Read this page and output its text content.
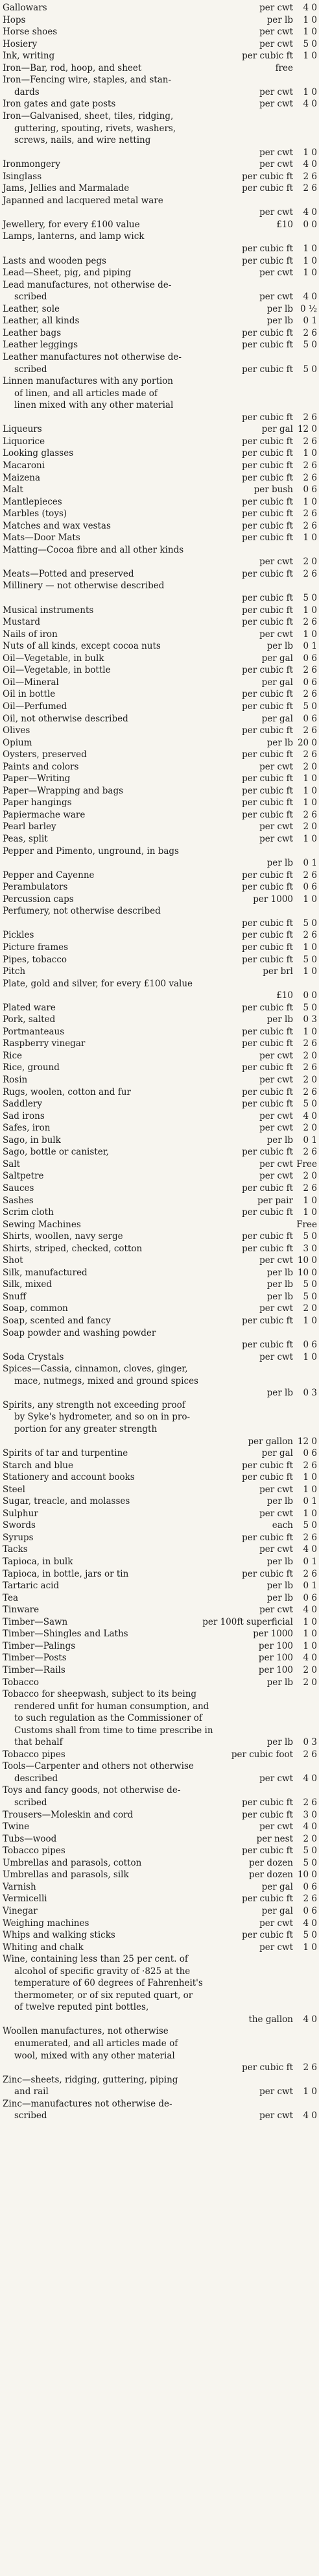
Gallowars	per cwt 4 0
Hops	per lb 1 0
Horse shoes	per cwt 1 0
Hosiery	per cwt 5 0
Ink, writing	per cubic ft 1 0
Iron—Bar, rod, hoop, and sheet	free
Iron—Fencing wire, staples, and stan-
dards	per cwt 1 0
Iron gates and gate posts	per cwt 4 0
Iron—Galvanised, sheet, tiles, ridging,
guttering, spouting, rivets, washers,
screws, nails, and wire netting
per cwt 1 0
Ironmongery	per cwt 4 0
Isinglass	per cubic ft 2 6
Jams, Jellies and Marmalade	per cubic ft 2 6
Japanned and lacquered metal ware
per cwt 4 0
Jewellery, for every £100 value	£10 0 0
Lamps, lanterns, and lamp wick
per cubic ft 1 0
Lasts and wooden pegs	per cubic ft 1 0
Lead—Sheet, pig, and piping	per cwt 1 0
Lead manufactures, not otherwise de-
scribed	per cwt 4 0
Leather, sole	per lb 0 ½
Leather, all kinds	per lb 0 1
Leather bags	per cubic ft 2 6
Leather leggings	per cubic ft 5 0
Leather manufactures not otherwise de-
scribed	per cubic ft 5 0
Linnen manufactures with any portion
of linen, and all articles made of
linen mixed with any other material
per cubic ft 2 6
Liqueurs	per gal 12 0
Liquorice	per cubic ft 2 6
Looking glasses	per cubic ft 1 0
Macaroni	per cubic ft 2 6
Maizena	per cubic ft 2 6
Malt	per bush 0 6
Mantlepieces	per cubic ft 1 0
Marbles (toys)	per cubic ft 2 6
Matches and wax vestas	per cubic ft 2 6
Mats—Door Mats	per cubic ft 1 0
Matting—Cocoa fibre and all other kinds
per cwt 2 0
Meats—Potted and preserved	per cubic ft 2 6
Millinery — not otherwise described
per cubic ft 5 0
Musical instruments	per cubic ft 1 0
Mustard	per cubic ft 2 6
Nails of iron	per cwt 1 0
Nuts of all kinds, except cocoa nuts	per lb 0 1
Oil—Vegetable, in bulk	per gal 0 6
Oil—Vegetable, in bottle	per cubic ft 2 6
Oil—Mineral	per gal 0 6
Oil in bottle	per cubic ft 2 6
Oil—Perfumed	per cubic ft 5 0
Oil, not otherwise described	per gal 0 6
Olives	per cubic ft 2 6
Opium	per lb 20 0
Oysters, preserved	per cubic ft 2 6
Paints and colors	per cwt 2 0
Paper—Writing	per cubic ft 1 0
Paper—Wrapping and bags	per cubic ft 1 0
Paper hangings	per cubic ft 1 0
Papiermache ware	per cubic ft 2 6
Pearl barley	per cwt 2 0
Peas, split	per cwt 1 0
Pepper and Pimento, unground, in bags
per lb 0 1
Pepper and Cayenne	per cubic ft 2 6
Perambulators	per cubic ft 0 6
Percussion caps	per 1000 1 0
Perfumery, not otherwise described
per cubic ft 5 0
Pickles	per cubic ft 2 6
Picture frames	per cubic ft 1 0
Pipes, tobacco	per cubic ft 5 0
Pitch	per brl 1 0
Plate, gold and silver, for every £100 value
£10 0 0
Plated ware	per cubic ft 5 0
Pork, salted	per lb 0 3
Portmanteaus	per cubic ft 1 0
Raspberry vinegar	per cubic ft 2 6
Rice	per cwt 2 0
Rice, ground	per cubic ft 2 6
Rosin	per cwt 2 0
Rugs, woolen, cotton and fur	per cubic ft 2 6
Saddlery	per cubic ft 5 0
Sad irons	per cwt 4 0
Safes, iron	per cwt 2 0
Sago, in bulk	per lb 0 1
Sago, bottle or canister,	per cubic ft 2 6
Salt	per cwt Free
Saltpetre	per cwt 2 0
Sauces	per cubic ft 2 6
Sashes	per pair 1 0
Scrim cloth	per cubic ft 1 0
Sewing Machines	Free
Shirts, woollen, navy serge	per cubic ft 5 0
Shirts, striped, checked, cotton	per cubic ft 3 0
Shot	per cwt 10 0
Silk, manufactured	per lb 10 0
Silk, mixed	per lb 5 0
Snuff	per lb 5 0
Soap, common	per cwt 2 0
Soap, scented and fancy	per cubic ft 1 0
Soap powder and washing powder
per cubic ft 0 6
Soda Crystals	per cwt 1 0
Spices—Cassia, cinnamon, cloves, ginger,
mace, nutmegs, mixed and ground spices
per lb 0 3
Spirits, any strength not exceeding proof
by Syke's hydrometer, and so on in pro-
portion for any greater strength
per gallon 12 0
Spirits of tar and turpentine	per gal 0 6
Starch and blue	per cubic ft 2 6
Stationery and account books	per cubic ft 1 0
Steel	per cwt 1 0
Sugar, treacle, and molasses	per lb 0 1
Sulphur	per cwt 1 0
Swords	each 5 0
Syrups	per cubic ft 2 6
Tacks	per cwt 4 0
Tapioca, in bulk	per lb 0 1
Tapioca, in bottle, jars or tin	per cubic ft 2 6
Tartaric acid	per lb 0 1
Tea	per lb 0 6
Tinware	per cwt 4 0
Timber—Sawn	per 100ft superficial 1 0
Timber—Shingles and Laths	per 1000 1 0
Timber—Palings	per 100 1 0
Timber—Posts	per 100 4 0
Timber—Rails	per 100 2 0
Tobacco	per lb 2 0
Tobacco for sheepwash, subject to its being
rendered unfit for human consumption, and
to such regulation as the Commissioner of
Customs shall from time to time prescribe in
that behalf	per lb 0 3
Tobacco pipes	per cubic foot 2 6
Tools—Carpenter and others not otherwise
described	per cwt 4 0
Toys and fancy goods, not otherwise de-
scribed	per cubic ft 2 6
Trousers—Moleskin and cord	per cubic ft 3 0
Twine	per cwt 4 0
Tubs—wood	per nest 2 0
Tobacco pipes	per cubic ft 5 0
Umbrellas and parasols, cotton	per dozen 5 0
Umbrellas and parasols, silk	per dozen 10 0
Varnish	per gal 0 6
Vermicelli	per cubic ft 2 6
Vinegar	per gal 0 6
Weighing machines	per cwt 4 0
Whips and walking sticks	per cubic ft 5 0
Whiting and chalk	per cwt 1 0
Wine, containing less than 25 per cent. of
alcohol of specific gravity of ·825 at the
temperature of 60 degrees of Fahrenheit's
thermometer, or of six reputed quart, or
of twelve reputed pint bottles,
the gallon 4 0
Woollen manufactures, not otherwise
enumerated, and all articles made of
wool, mixed with any other material
per cubic ft 2 6
Zinc—sheets, ridging, guttering, piping
and rail	per cwt 1 0
Zinc—manufactures not otherwise de-
scribed	per cwt 4 0
